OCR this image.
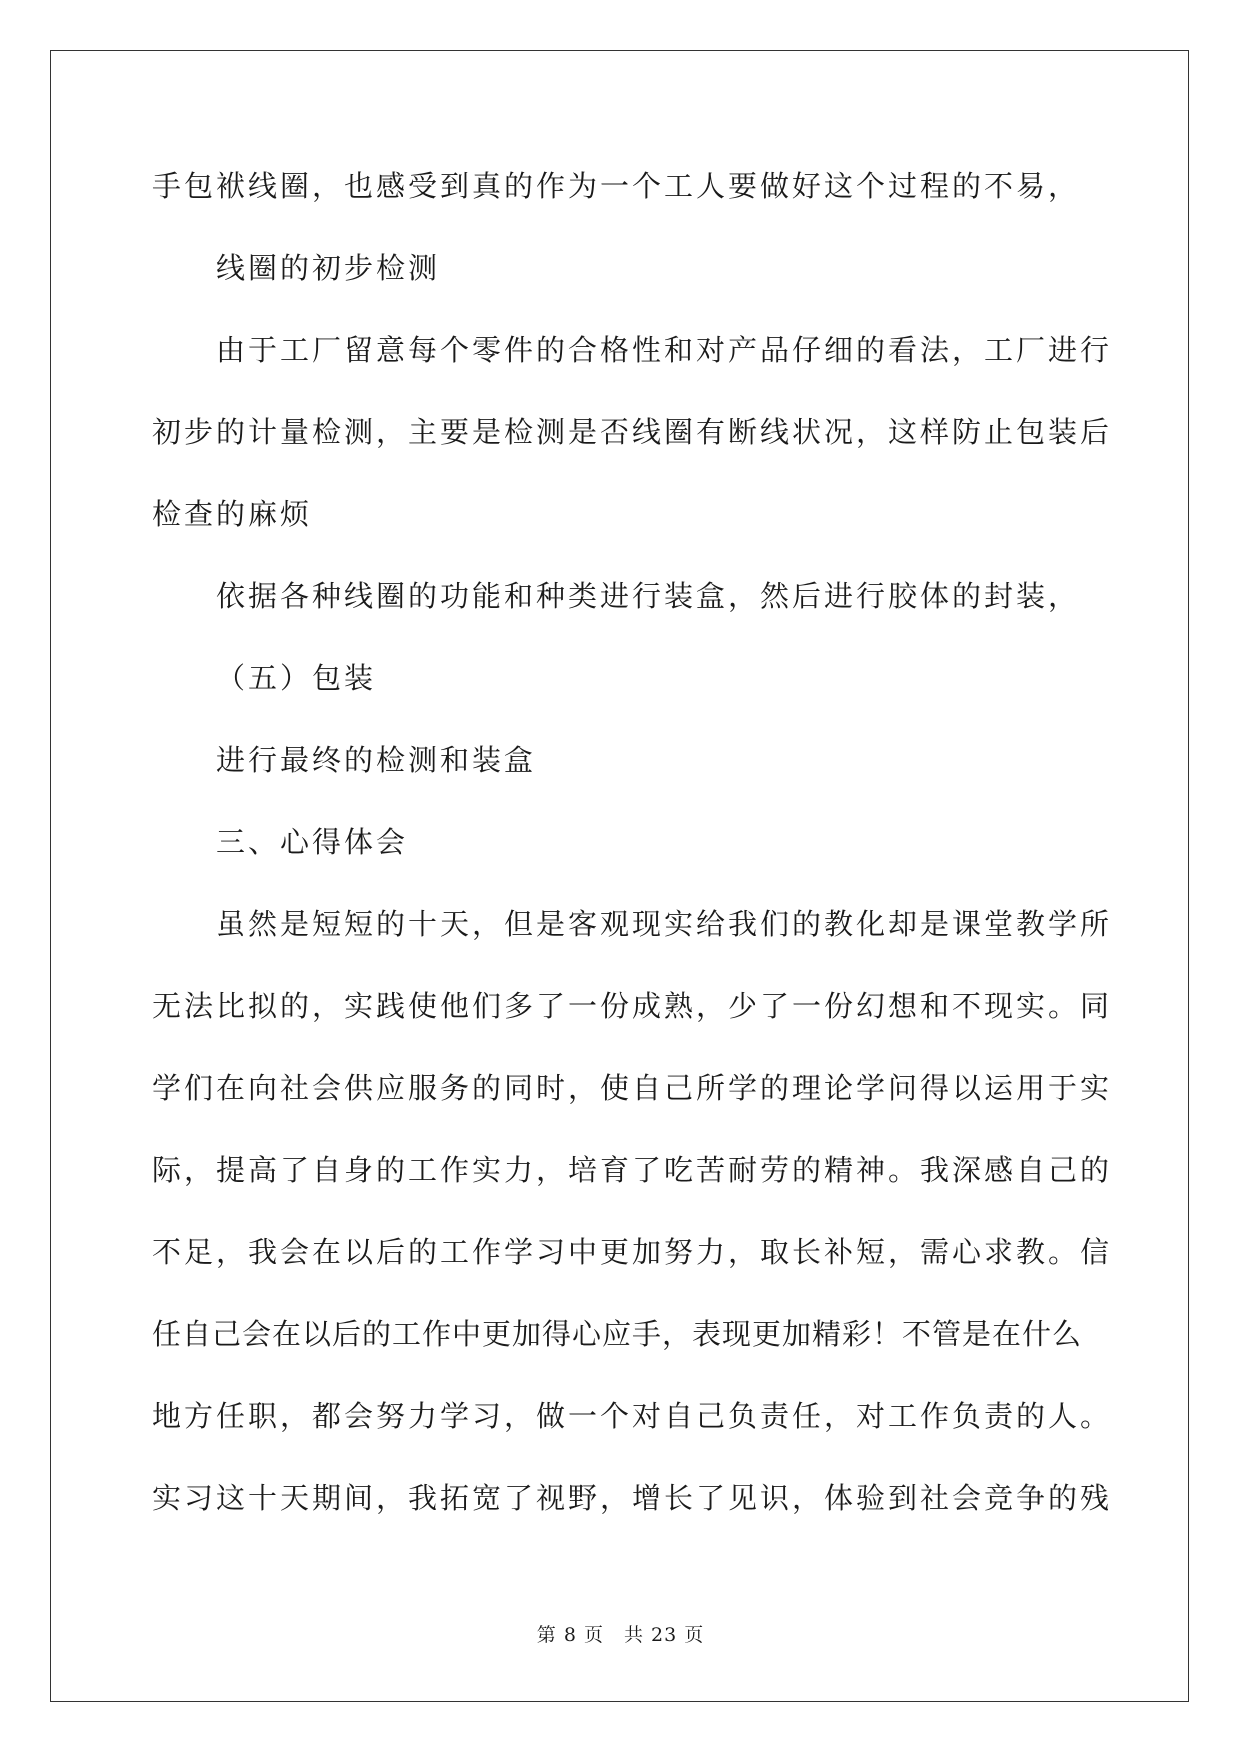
手包袱线圈，也感受到真的作为一个工人要做好这个过程的不易，
线圈的初步检测
由于工厂留意每个零件的合格性和对产品仔细的看法，工厂进行
初步的计量检测，主要是检测是否线圈有断线状况，这样防止包装后
检查的麻烦
依据各种线圈的功能和种类进行装盒，然后进行胶体的封装，
（五）包装
进行最终的检测和装盒
三、心得体会
虽然是短短的十天，但是客观现实给我们的教化却是课堂教学所
无法比拟的，实践使他们多了一份成熟，少了一份幻想和不现实。同
学们在向社会供应服务的同时，使自己所学的理论学问得以运用于实
际，提高了自身的工作实力，培育了吃苦耐劳的精神。我深感自己的
不足，我会在以后的工作学习中更加努力，取长补短，需心求教。信
任自己会在以后的工作中更加得心应手，表现更加精彩！不管是在什么
地方任职，都会努力学习，做一个对自己负责任，对工作负责的人。
实习这十天期间，我拓宽了视野，增长了见识，体验到社会竞争的残
第 8 页　共 23 页
